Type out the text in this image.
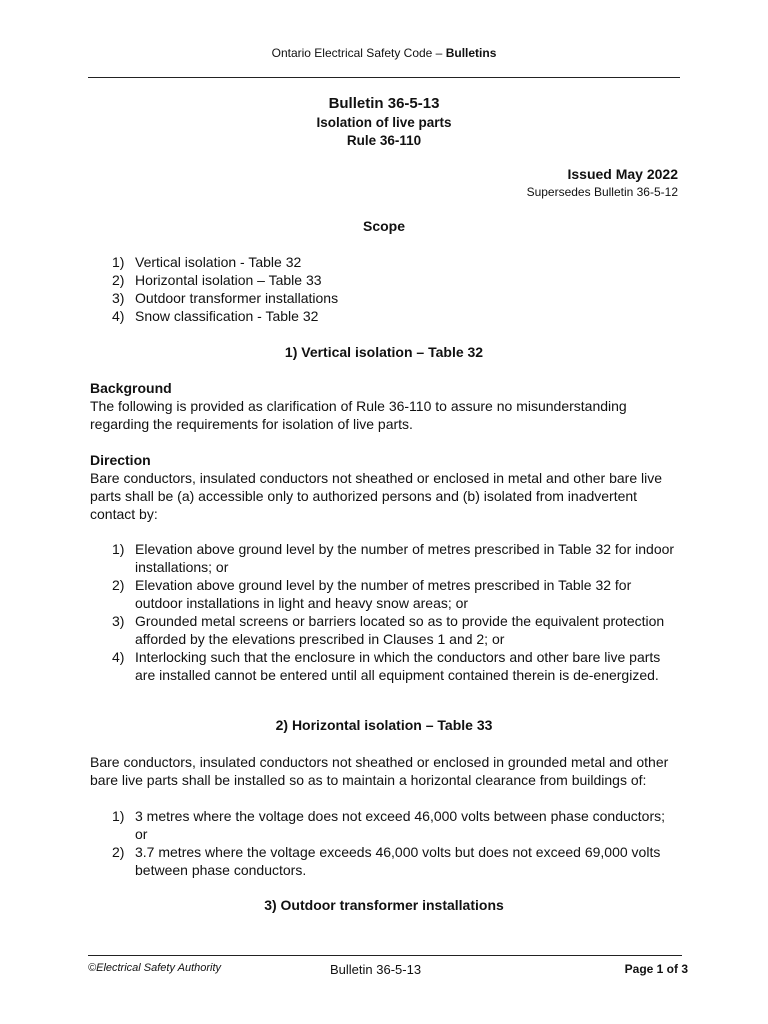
Ontario Electrical Safety Code – Bulletins
Bulletin 36-5-13
Isolation of live parts
Rule 36-110
Issued May 2022
Supersedes Bulletin 36-5-12
Scope
1) Vertical isolation - Table 32
2) Horizontal isolation – Table 33
3) Outdoor transformer installations
4) Snow classification - Table 32
1) Vertical isolation – Table 32
Background
The following is provided as clarification of Rule 36-110 to assure no misunderstanding regarding the requirements for isolation of live parts.
Direction
Bare conductors, insulated conductors not sheathed or enclosed in metal and other bare live parts shall be (a) accessible only to authorized persons and (b) isolated from inadvertent contact by:
1) Elevation above ground level by the number of metres prescribed in Table 32 for indoor installations; or
2) Elevation above ground level by the number of metres prescribed in Table 32 for outdoor installations in light and heavy snow areas; or
3) Grounded metal screens or barriers located so as to provide the equivalent protection afforded by the elevations prescribed in Clauses 1 and 2; or
4) Interlocking such that the enclosure in which the conductors and other bare live parts are installed cannot be entered until all equipment contained therein is de-energized.
2) Horizontal isolation – Table 33
Bare conductors, insulated conductors not sheathed or enclosed in grounded metal and other bare live parts shall be installed so as to maintain a horizontal clearance from buildings of:
1) 3 metres where the voltage does not exceed 46,000 volts between phase conductors; or
2) 3.7 metres where the voltage exceeds 46,000 volts but does not exceed 69,000 volts between phase conductors.
3) Outdoor transformer installations
©Electrical Safety Authority	Bulletin 36-5-13	Page 1 of 3
